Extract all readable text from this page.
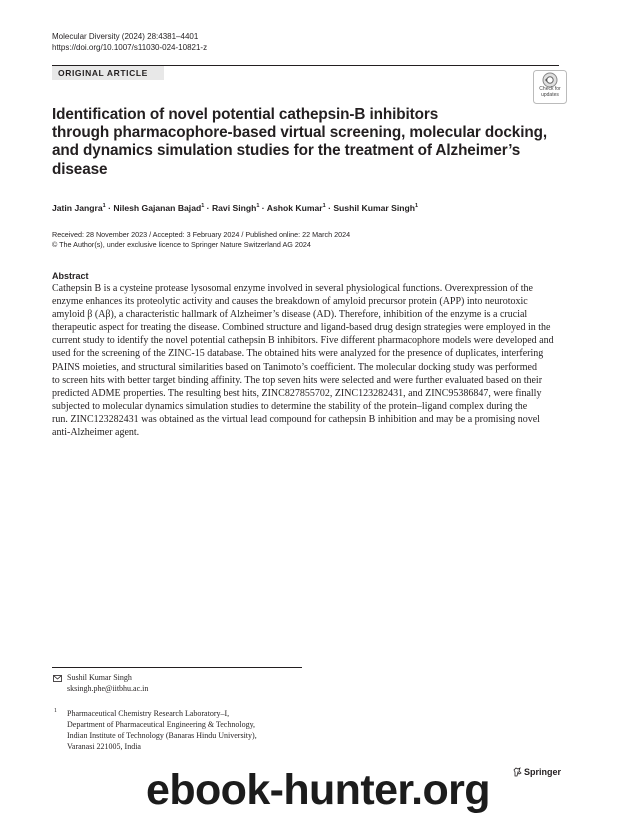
Molecular Diversity (2024) 28:4381–4401
https://doi.org/10.1007/s11030-024-10821-z
ORIGINAL ARTICLE
Check for
updates
Identification of novel potential cathepsin-B inhibitors
through pharmacophore-based virtual screening, molecular docking,
and dynamics simulation studies for the treatment of Alzheimer’s
disease
Jatin Jangra$^1$ · Nilesh Gajanan Bajad$^1$ · Ravi Singh$^1$ · Ashok Kumar$^1$ · Sushil Kumar Singh$^1$
Received: 28 November 2023 / Accepted: 3 February 2024 / Published online: 22 March 2024
© The Author(s), under exclusive licence to Springer Nature Switzerland AG 2024
Abstract
Cathepsin B is a cysteine protease lysosomal enzyme involved in several physiological functions. Overexpression of the
enzyme enhances its proteolytic activity and causes the breakdown of amyloid precursor protein (APP) into neurotoxic
amyloid β (Aβ), a characteristic hallmark of Alzheimer’s disease (AD). Therefore, inhibition of the enzyme is a crucial
therapeutic aspect for treating the disease. Combined structure and ligand-based drug design strategies were employed in the
current study to identify the novel potential cathepsin B inhibitors. Five different pharmacophore models were developed and
used for the screening of the ZINC-15 database. The obtained hits were analyzed for the presence of duplicates, interfering
PAINS moieties, and structural similarities based on Tanimoto’s coefficient. The molecular docking study was performed
to screen hits with better target binding affinity. The top seven hits were selected and were further evaluated based on their
predicted ADME properties. The resulting best hits, ZINC827855702, ZINC123282431, and ZINC95386847, were finally
subjected to molecular dynamics simulation studies to determine the stability of the protein–ligand complex during the
run. ZINC123282431 was obtained as the virtual lead compound for cathepsin B inhibition and may be a promising novel
anti-Alzheimer agent.
Sushil Kumar Singh
sksingh.phe@iitbhu.ac.in
1 Pharmaceutical Chemistry Research Laboratory–I,
Department of Pharmaceutical Engineering & Technology,
Indian Institute of Technology (Banaras Hindu University),
Varanasi 221005, India
ebook-hunter.org	Springer
